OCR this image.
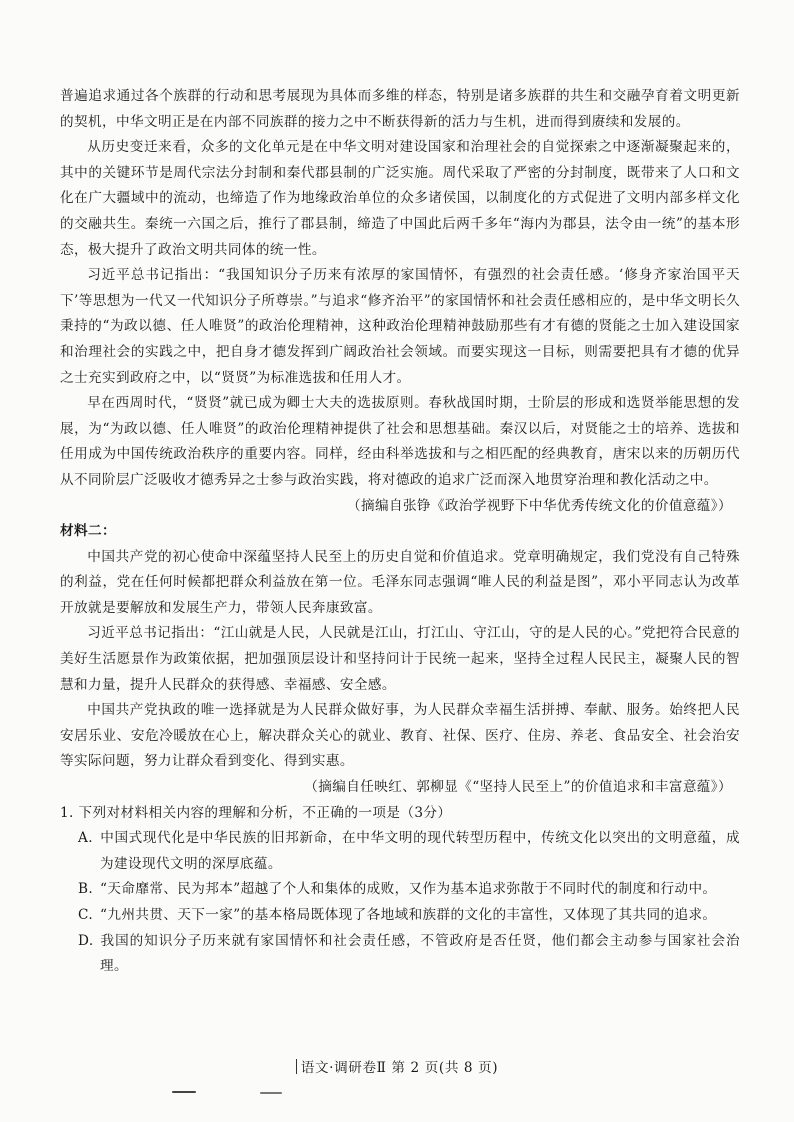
普遍追求通过各个族群的行动和思考展现为具体而多维的样态，特别是诸多族群的共生和交融孕育着文明更新的契机，中华文明正是在内部不同族群的接力之中不断获得新的活力与生机，进而得到赓续和发展的。

从历史变迁来看，众多的文化单元是在中华文明对建设国家和治理社会的自觉探索之中逐渐凝聚起来的，其中的关键环节是周代宗法分封制和秦代郡县制的广泛实施。周代采取了严密的分封制度，既带来了人口和文化在广大疆域中的流动，也缔造了作为地缘政治单位的众多诸侯国，以制度化的方式促进了文明内部多样文化的交融共生。秦统一六国之后，推行了郡县制，缔造了中国此后两千多年“海内为郡县，法令由一统”的基本形态，极大提升了政治文明共同体的统一性。

习近平总书记指出：“我国知识分子历来有浓厚的家国情怀，有强烈的社会责任感。‘修身齐家治国平天下’等思想为一代又一代知识分子所尊崇。”与追求“修齐治平”的家国情怀和社会责任感相应的，是中华文明长久秉持的“为政以德、任人唯贤”的政治伦理精神，这种政治伦理精神鼓励那些有才有德的贤能之士加入建设国家和治理社会的实践之中，把自身才德发挥到广阔政治社会领域。而要实现这一目标，则需要把具有才德的优异之士充实到政府之中，以“贤贤”为标准选拔和任用人才。

早在西周时代，“贤贤”就已成为卿士大夫的选拔原则。春秋战国时期，士阶层的形成和选贤举能思想的发展，为“为政以德、任人唯贤”的政治伦理精神提供了社会和思想基础。秦汉以后，对贤能之士的培养、选拔和任用成为中国传统政治秩序的重要内容。同样，经由科举选拔和与之相匹配的经典教育，唐宋以来的历朝历代从不同阶层广泛吸收才德秀异之士参与政治实践，将对德政的追求广泛而深入地贯穿治理和教化活动之中。

（摘编自张铮《政治学视野下中华优秀传统文化的价值意蕴》）

材料二：

中国共产党的初心使命中深蕴坚持人民至上的历史自觉和价值追求。党章明确规定，我们党没有自己特殊的利益，党在任何时候都把群众利益放在第一位。毛泽东同志强调“唯人民的利益是图”，邓小平同志认为改革开放就是要解放和发展生产力，带领人民奔康致富。

习近平总书记指出：“江山就是人民，人民就是江山，打江山、守江山，守的是人民的心。”党把符合民意的美好生活愿景作为政策依据，把加强顶层设计和坚持问计于民统一起来，坚持全过程人民民主，凝聚人民的智慧和力量，提升人民群众的获得感、幸福感、安全感。

中国共产党执政的唯一选择就是为人民群众做好事，为人民群众幸福生活拼搏、奉献、服务。始终把人民安居乐业、安危冷暖放在心上，解决群众关心的就业、教育、社保、医疗、住房、养老、食品安全、社会治安等实际问题，努力让群众看到变化、得到实惠。

（摘编自任映红、郭柳显《“坚持人民至上”的价值追求和丰富意蕴》）

1. 下列对材料相关内容的理解和分析，不正确的一项是（3分）

A. 中国式现代化是中华民族的旧邦新命，在中华文明的现代转型历程中，传统文化以突出的文明意蕴，成为建设现代文明的深厚底蕴。

B. “天命靡常、民为邦本”超越了个人和集体的成败，又作为基本追求弥散于不同时代的制度和行动中。

C. “九州共贯、天下一家”的基本格局既体现了各地域和族群的文化的丰富性，又体现了其共同的追求。

D. 我国的知识分子历来就有家国情怀和社会责任感，不管政府是否任贤，他们都会主动参与国家社会治理。

语文·调研卷Ⅱ 第 2 页(共 8 页)
